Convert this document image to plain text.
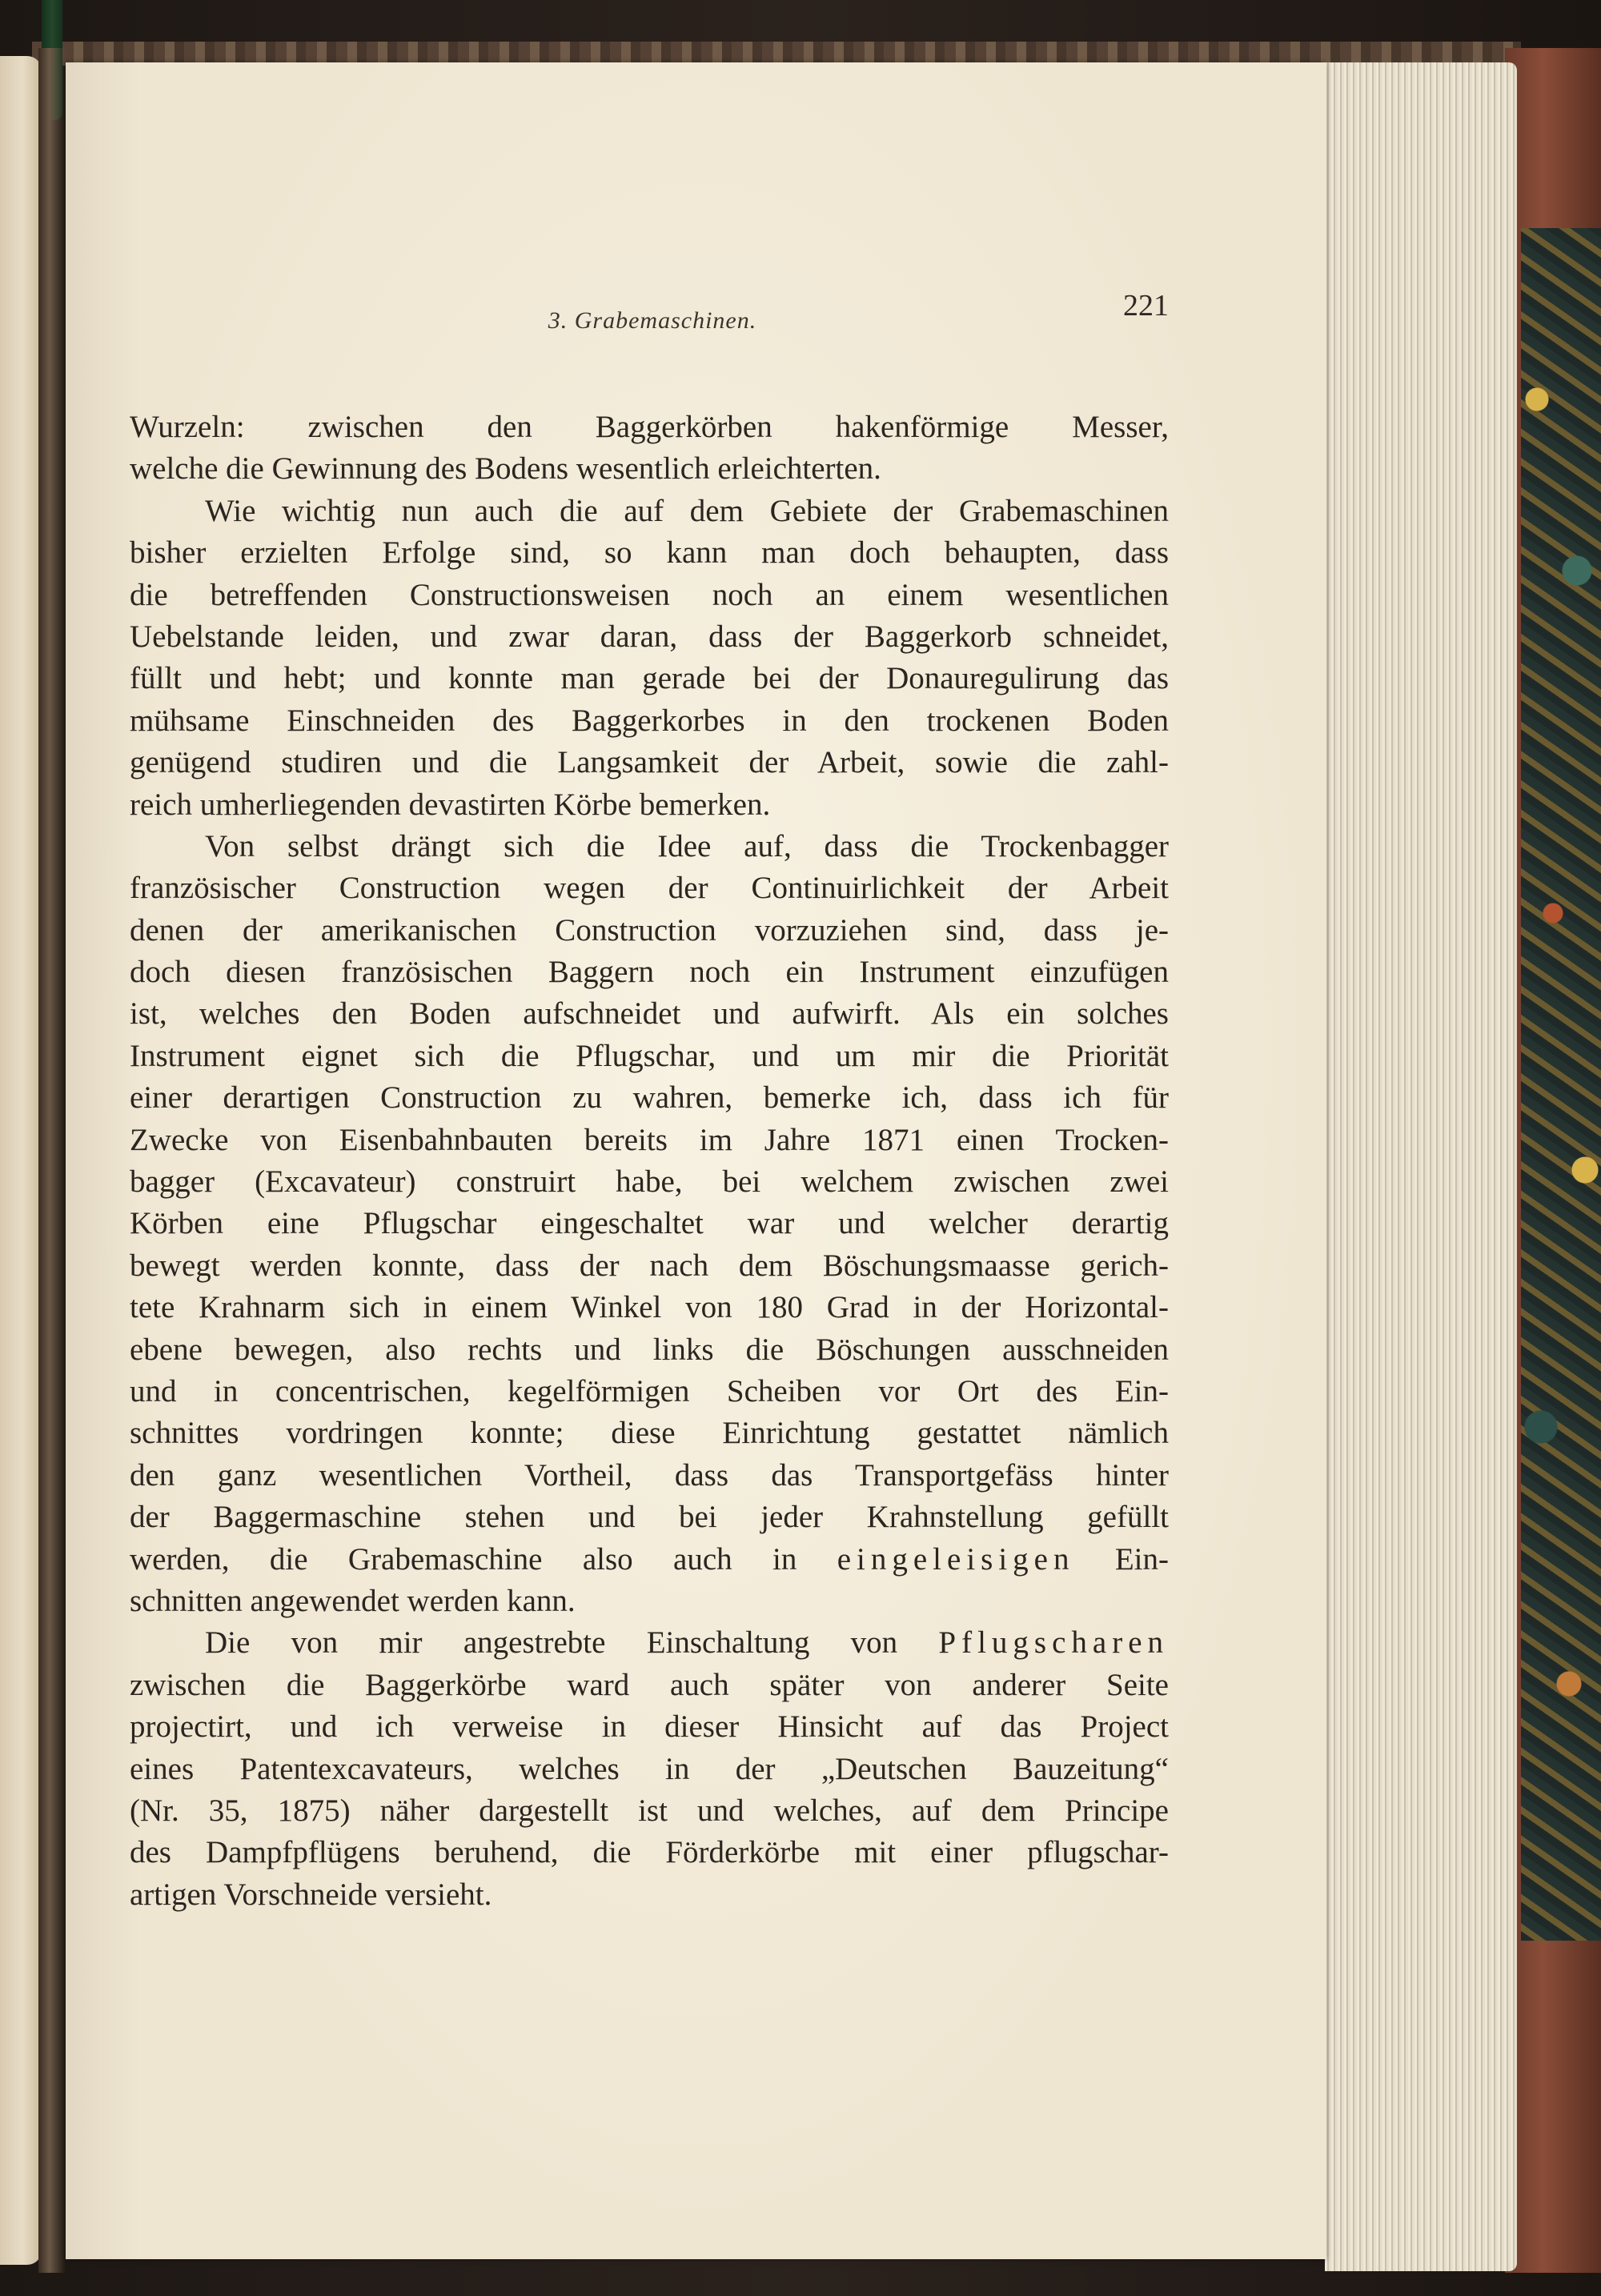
3. Grabemaschinen.	221
Wurzeln: zwischen den Baggerkörben hakenförmige Messer,
welche die Gewinnung des Bodens wesentlich erleichterten.
Wie wichtig nun auch die auf dem Gebiete der Grabemaschinen
bisher erzielten Erfolge sind, so kann man doch behaupten, dass
die betreffenden Constructionsweisen noch an einem wesentlichen
Uebelstande leiden, und zwar daran, dass der Baggerkorb schneidet,
füllt und hebt; und konnte man gerade bei der Donauregulirung das
mühsame Einschneiden des Baggerkorbes in den trockenen Boden
genügend studiren und die Langsamkeit der Arbeit, sowie die zahl-
reich umherliegenden devastirten Körbe bemerken.
Von selbst drängt sich die Idee auf, dass die Trockenbagger
französischer Construction wegen der Continuirlichkeit der Arbeit
denen der amerikanischen Construction vorzuziehen sind, dass je-
doch diesen französischen Baggern noch ein Instrument einzufügen
ist, welches den Boden aufschneidet und aufwirft. Als ein solches
Instrument eignet sich die Pflugschar, und um mir die Priorität
einer derartigen Construction zu wahren, bemerke ich, dass ich für
Zwecke von Eisenbahnbauten bereits im Jahre 1871 einen Trocken-
bagger (Excavateur) construirt habe, bei welchem zwischen zwei
Körben eine Pflugschar eingeschaltet war und welcher derartig
bewegt werden konnte, dass der nach dem Böschungsmaasse gerich-
tete Krahnarm sich in einem Winkel von 180 Grad in der Horizontal-
ebene bewegen, also rechts und links die Böschungen ausschneiden
und in concentrischen, kegelförmigen Scheiben vor Ort des Ein-
schnittes vordringen konnte; diese Einrichtung gestattet nämlich
den ganz wesentlichen Vortheil, dass das Transportgefäss hinter
der Baggermaschine stehen und bei jeder Krahnstellung gefüllt
werden, die Grabemaschine also auch in eingeleisigen Ein-
schnitten angewendet werden kann.
Die von mir angestrebte Einschaltung von Pflugscharen
zwischen die Baggerkörbe ward auch später von anderer Seite
projectirt, und ich verweise in dieser Hinsicht auf das Project
eines Patentexcavateurs, welches in der „Deutschen Bauzeitung“
(Nr. 35, 1875) näher dargestellt ist und welches, auf dem Principe
des Dampfpflügens beruhend, die Förderkörbe mit einer pflugschar-
artigen Vorschneide versieht.
